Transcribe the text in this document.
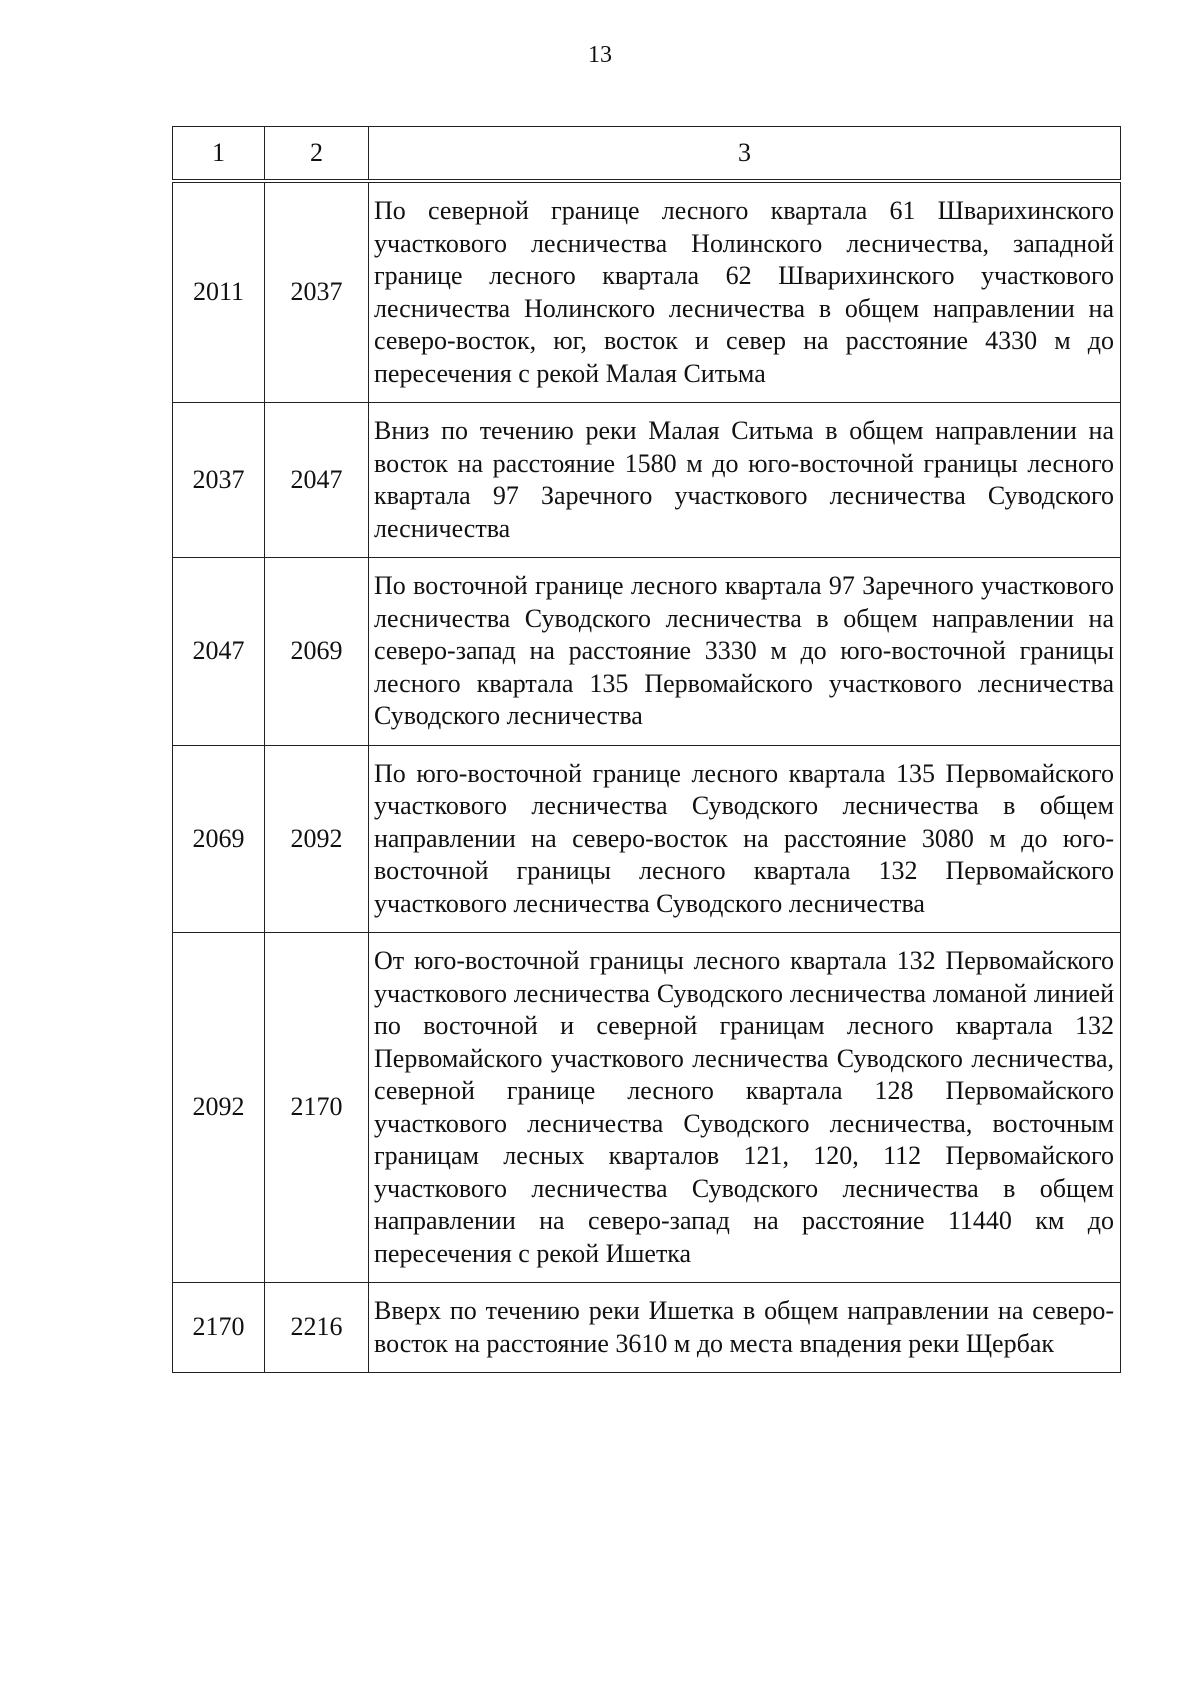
13
1	2	3
2011	2037	По северной границе лесного квартала 61 Шварихинского участкового лесничества Нолинского лесничества, западной границе лесного квартала 62 Шварихинского участкового лесничества Нолинского лесничества в общем направлении на северо-восток, юг, восток и север на расстояние 4330 м до пересечения с рекой Малая Ситьма
2037	2047	Вниз по течению реки Малая Ситьма в общем направлении на восток на расстояние 1580 м до юго-восточной границы лесного квартала 97 Заречного участкового лесничества Суводского лесничества
2047	2069	По восточной границе лесного квартала 97 Заречного участкового лесничества Суводского лесничества в общем направлении на северо-запад на расстояние 3330 м до юго-восточной границы лесного квартала 135 Первомайского участкового лесничества Суводского лесничества
2069	2092	По юго-восточной границе лесного квартала 135 Первомайского участкового лесничества Суводского лесничества в общем направлении на северо-восток на расстояние 3080 м до юго-восточной границы лесного квартала 132 Первомайского участкового лесничества Суводского лесничества
2092	2170	От юго-восточной границы лесного квартала 132 Первомайского участкового лесничества Суводского лесничества ломаной линией по восточной и северной границам лесного квартала 132 Первомайского участкового лесничества Суводского лесничества, северной границе лесного квартала 128 Первомайского участкового лесничества Суводского лесничества, восточным границам лесных кварталов 121, 120, 112 Первомайского участкового лесничества Суводского лесничества в общем направлении на северо-запад на расстояние 11440 км до пересечения с рекой Ишетка
2170	2216	Вверх по течению реки Ишетка в общем направлении на северо-восток на расстояние 3610 м до места впадения реки Щербак
